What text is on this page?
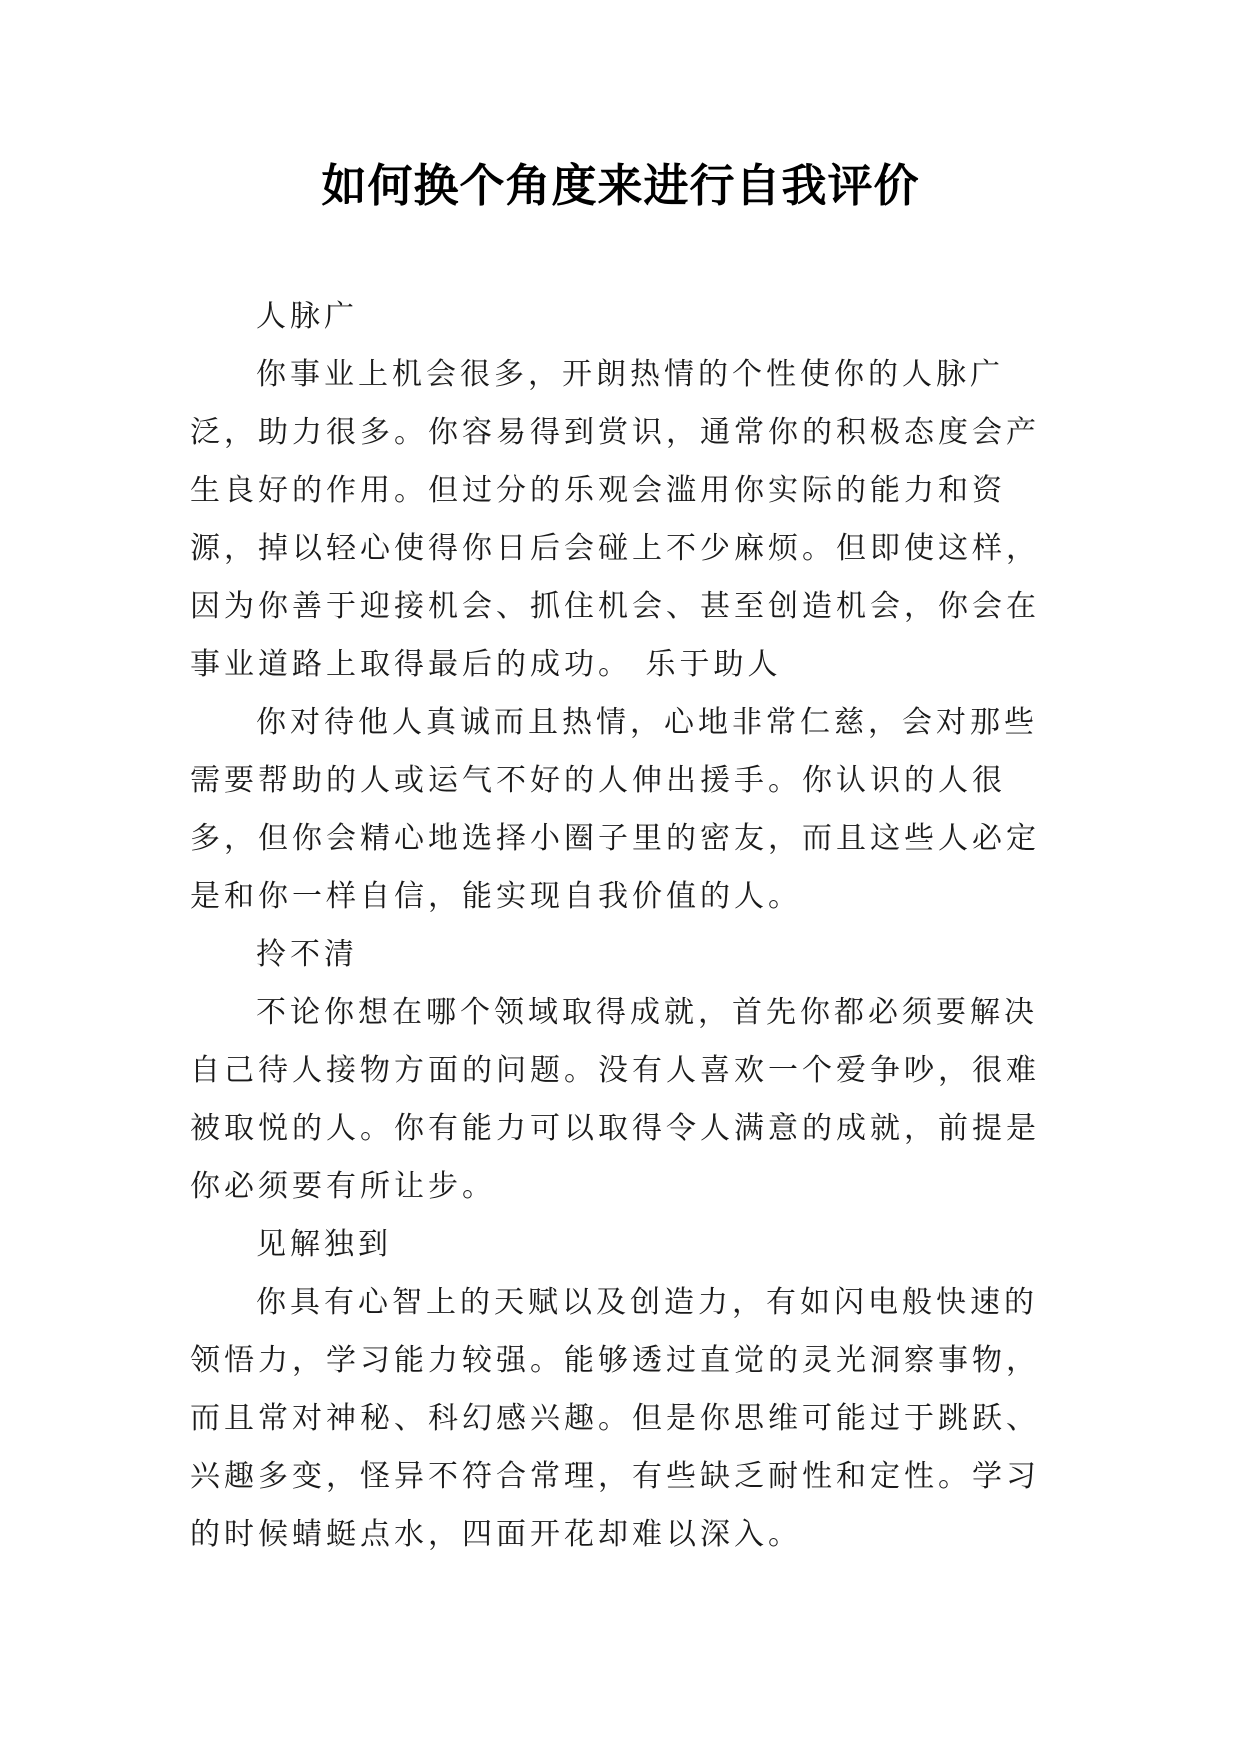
如何换个角度来进行自我评价

人脉广

你事业上机会很多，开朗热情的个性使你的人脉广泛，助力很多。你容易得到赏识，通常你的积极态度会产生良好的作用。但过分的乐观会滥用你实际的能力和资源，掉以轻心使得你日后会碰上不少麻烦。但即使这样，因为你善于迎接机会、抓住机会、甚至创造机会，你会在事业道路上取得最后的成功。 乐于助人

你对待他人真诚而且热情，心地非常仁慈，会对那些需要帮助的人或运气不好的人伸出援手。你认识的人很多，但你会精心地选择小圈子里的密友，而且这些人必定是和你一样自信，能实现自我价值的人。

拎不清

不论你想在哪个领域取得成就，首先你都必须要解决自己待人接物方面的问题。没有人喜欢一个爱争吵，很难被取悦的人。你有能力可以取得令人满意的成就，前提是你必须要有所让步。

见解独到

你具有心智上的天赋以及创造力，有如闪电般快速的领悟力，学习能力较强。能够透过直觉的灵光洞察事物，而且常对神秘、科幻感兴趣。但是你思维可能过于跳跃、兴趣多变，怪异不符合常理，有些缺乏耐性和定性。学习的时候蜻蜓点水，四面开花却难以深入。
